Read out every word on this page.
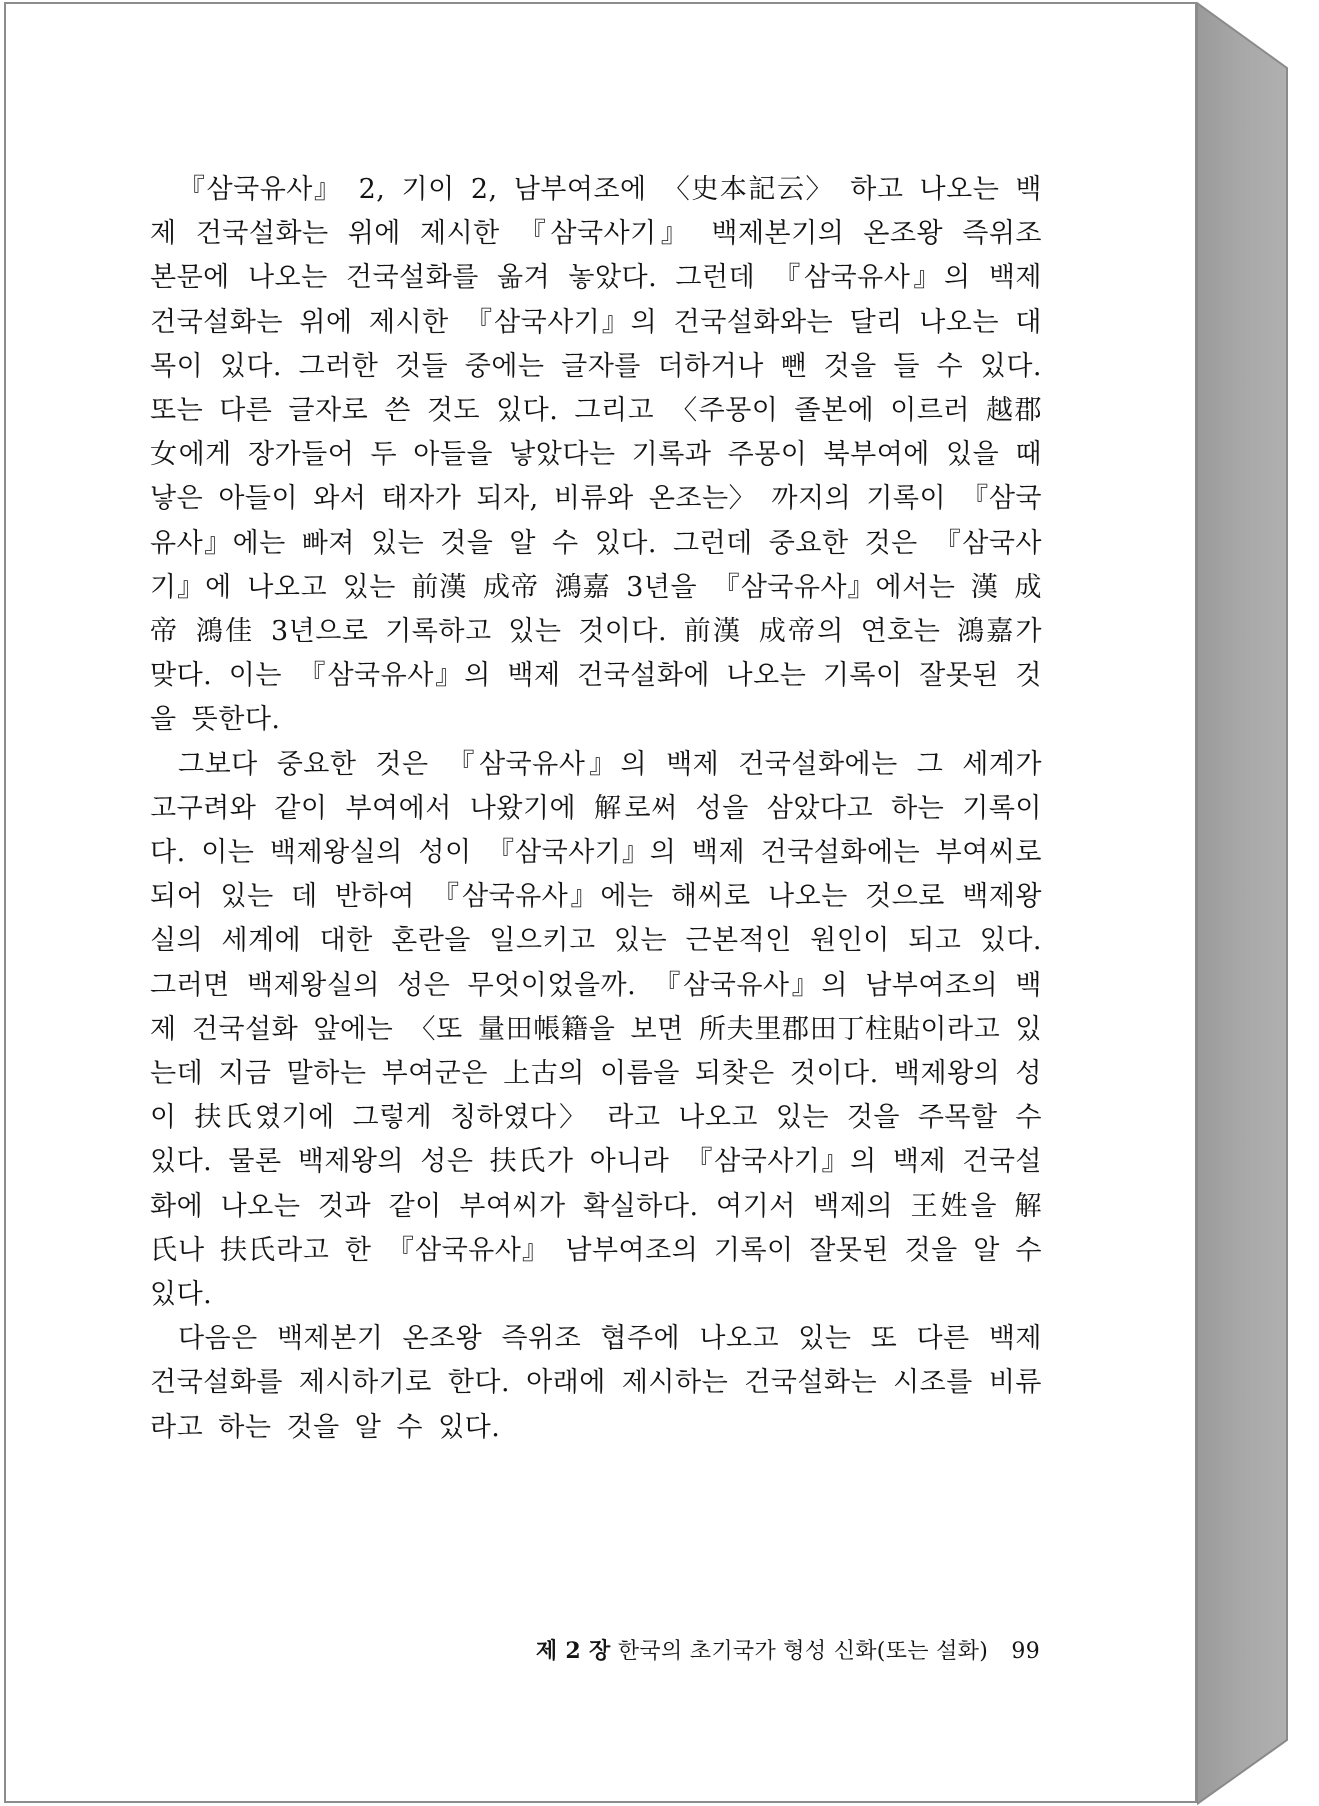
『삼국유사』 2, 기이 2, 남부여조에 〈史本記云〉 하고 나오는 백제 건국설화는 위에 제시한 『삼국사기』 백제본기의 온조왕 즉위조 본문에 나오는 건국설화를 옮겨 놓았다. 그런데 『삼국유사』의 백제 건국설화는 위에 제시한 『삼국사기』의 건국설화와는 달리 나오는 대목이 있다. 그러한 것들 중에는 글자를 더하거나 뺀 것을 들 수 있다. 또는 다른 글자로 쓴 것도 있다. 그리고 〈주몽이 졸본에 이르러 越郡女에게 장가들어 두 아들을 낳았다는 기록과 주몽이 북부여에 있을 때 낳은 아들이 와서 태자가 되자, 비류와 온조는〉 까지의 기록이 『삼국유사』에는 빠져 있는 것을 알 수 있다. 그런데 중요한 것은 『삼국사기』에 나오고 있는 前漢 成帝 鴻嘉 3년을 『삼국유사』에서는 漢 成帝 鴻佳 3년으로 기록하고 있는 것이다. 前漢 成帝의 연호는 鴻嘉가 맞다. 이는 『삼국유사』의 백제 건국설화에 나오는 기록이 잘못된 것을 뜻한다.

그보다 중요한 것은 『삼국유사』의 백제 건국설화에는 그 세계가 고구려와 같이 부여에서 나왔기에 解로써 성을 삼았다고 하는 기록이다. 이는 백제왕실의 성이 『삼국사기』의 백제 건국설화에는 부여씨로 되어 있는 데 반하여 『삼국유사』에는 해씨로 나오는 것으로 백제왕실의 세계에 대한 혼란을 일으키고 있는 근본적인 원인이 되고 있다. 그러면 백제왕실의 성은 무엇이었을까. 『삼국유사』의 남부여조의 백제 건국설화 앞에는 〈또 量田帳籍을 보면 所夫里郡田丁柱貼이라고 있는데 지금 말하는 부여군은 上古의 이름을 되찾은 것이다. 백제왕의 성이 扶氏였기에 그렇게 칭하였다〉 라고 나오고 있는 것을 주목할 수 있다. 물론 백제왕의 성은 扶氏가 아니라 『삼국사기』의 백제 건국설화에 나오는 것과 같이 부여씨가 확실하다. 여기서 백제의 王姓을 解氏나 扶氏라고 한 『삼국유사』 남부여조의 기록이 잘못된 것을 알 수 있다.

다음은 백제본기 온조왕 즉위조 협주에 나오고 있는 또 다른 백제 건국설화를 제시하기로 한다. 아래에 제시하는 건국설화는 시조를 비류라고 하는 것을 알 수 있다.

제 2 장 한국의 초기국가 형성 신화(또는 설화) 99
